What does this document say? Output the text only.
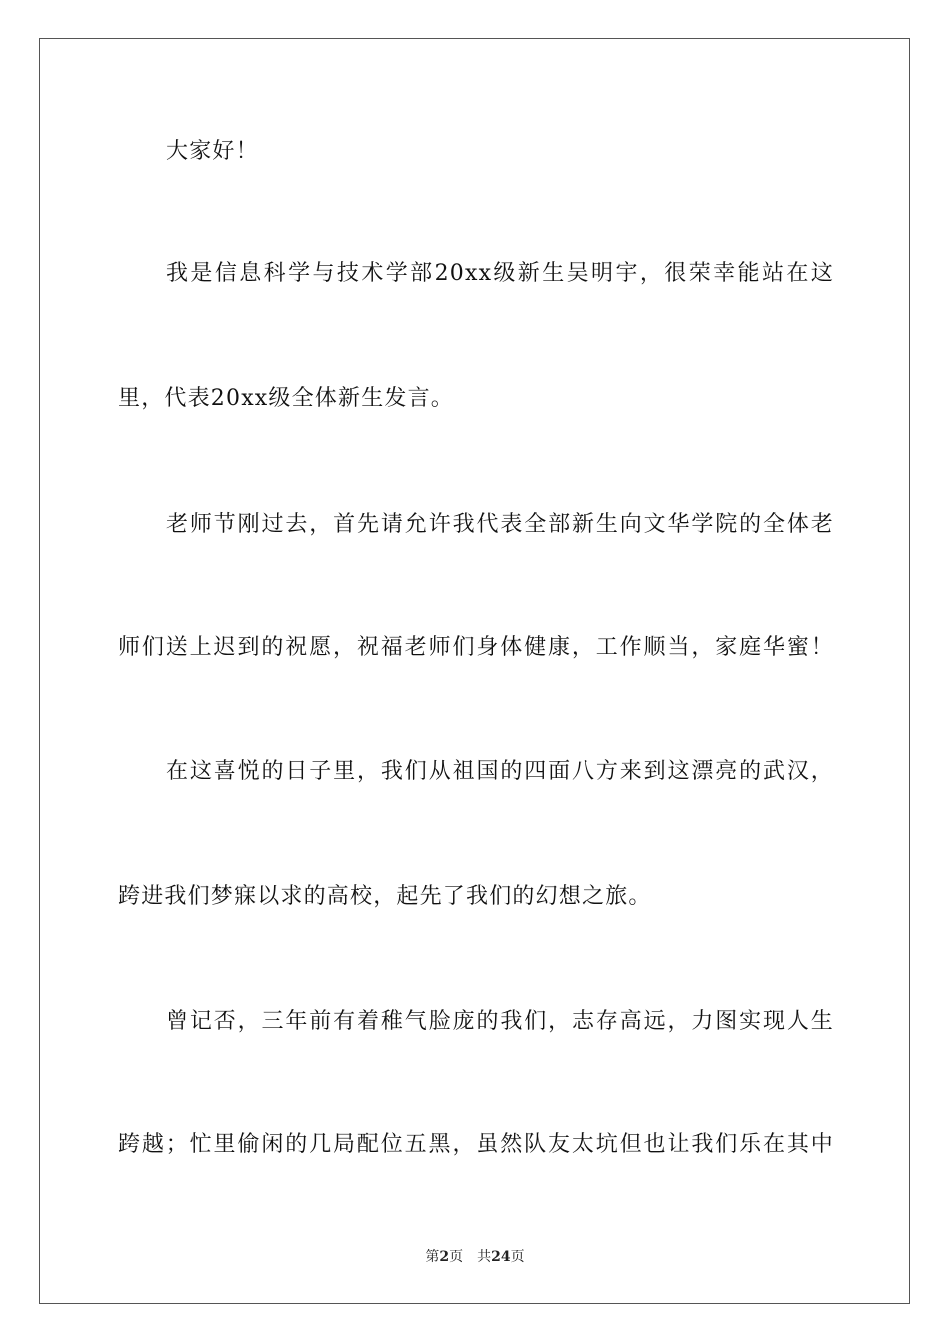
大家好！
我是信息科学与技术学部20xx级新生吴明宇，很荣幸能站在这
里，代表20xx级全体新生发言。
老师节刚过去，首先请允许我代表全部新生向文华学院的全体老
师们送上迟到的祝愿，祝福老师们身体健康，工作顺当，家庭华蜜！
在这喜悦的日子里，我们从祖国的四面八方来到这漂亮的武汉，
跨进我们梦寐以求的高校，起先了我们的幻想之旅。
曾记否，三年前有着稚气脸庞的我们，志存高远，力图实现人生
跨越；忙里偷闲的几局配位五黑，虽然队友太坑但也让我们乐在其中
第2页 共24页
